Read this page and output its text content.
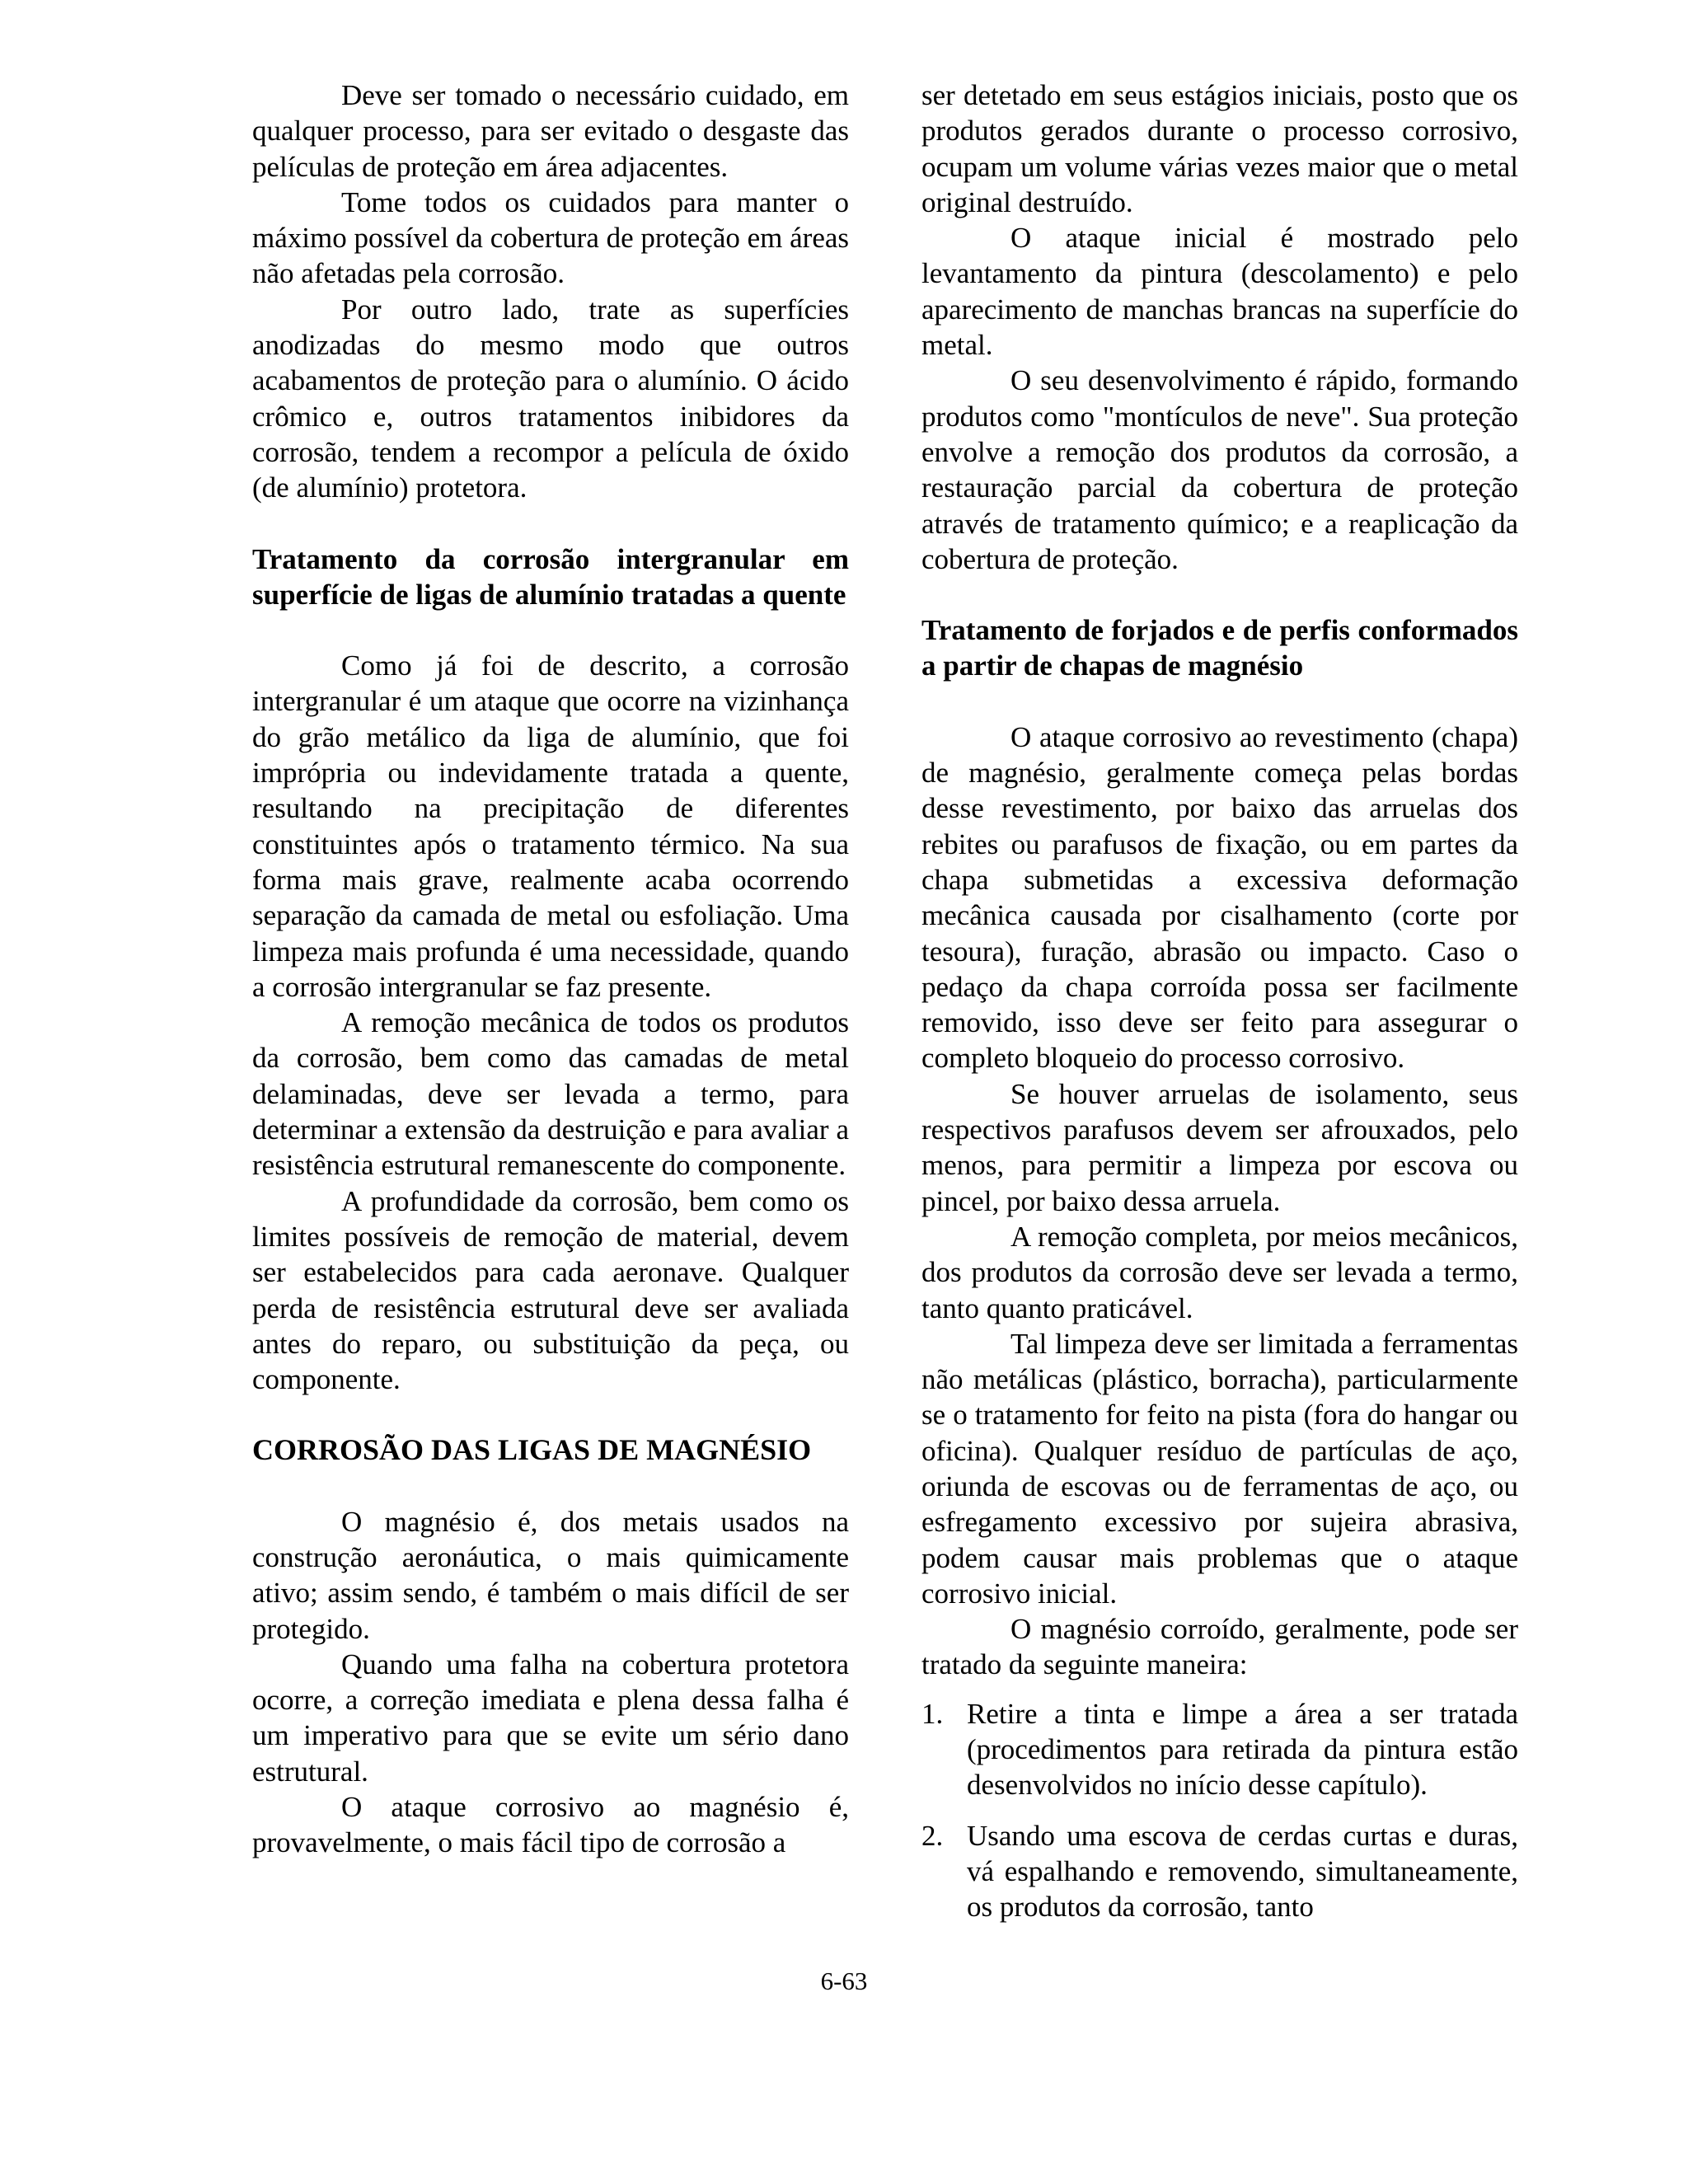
Deve ser tomado o necessário cuidado, em qualquer processo, para ser evitado o desgaste das películas de proteção em área adjacentes.

Tome todos os cuidados para manter o máximo possível da cobertura de proteção em áreas não afetadas pela corrosão.

Por outro lado, trate as superfícies anodizadas do mesmo modo que outros acabamentos de proteção para o alumínio. O ácido crômico e, outros tratamentos inibidores da corrosão, tendem a recompor a película de óxido (de alumínio) protetora.

Tratamento da corrosão intergranular em superfície de ligas de alumínio tratadas a quente

Como já foi de descrito, a corrosão intergranular é um ataque que ocorre na vizinhança do grão metálico da liga de alumínio, que foi imprópria ou indevidamente tratada a quente, resultando na precipitação de diferentes constituintes após o tratamento térmico. Na sua forma mais grave, realmente acaba ocorrendo separação da camada de metal ou esfoliação. Uma limpeza mais profunda é uma necessidade, quando a corrosão intergranular se faz presente.

A remoção mecânica de todos os produtos da corrosão, bem como das camadas de metal delaminadas, deve ser levada a termo, para determinar a extensão da destruição e para avaliar a resistência estrutural remanescente do componente.

A profundidade da corrosão, bem como os limites possíveis de remoção de material, devem ser estabelecidos para cada aeronave. Qualquer perda de resistência estrutural deve ser avaliada antes do reparo, ou substituição da peça, ou componente.

CORROSÃO DAS LIGAS DE MAGNÉSIO

O magnésio é, dos metais usados na construção aeronáutica, o mais quimicamente ativo; assim sendo, é também o mais difícil de ser protegido.

Quando uma falha na cobertura protetora ocorre, a correção imediata e plena dessa falha é um imperativo para que se evite um sério dano estrutural.

O ataque corrosivo ao magnésio é, provavelmente, o mais fácil tipo de corrosão a

ser detetado em seus estágios iniciais, posto que os produtos gerados durante o processo corrosivo, ocupam um volume várias vezes maior que o metal original destruído.

O ataque inicial é mostrado pelo levantamento da pintura (descolamento) e pelo aparecimento de manchas brancas na superfície do metal.

O seu desenvolvimento é rápido, formando produtos como "montículos de neve". Sua proteção envolve a remoção dos produtos da corrosão, a restauração parcial da cobertura de proteção através de tratamento químico; e a reaplicação da cobertura de proteção.

Tratamento de forjados e de perfis conformados a partir de chapas de magnésio

O ataque corrosivo ao revestimento (chapa) de magnésio, geralmente começa pelas bordas desse revestimento, por baixo das arruelas dos rebites ou parafusos de fixação, ou em partes da chapa submetidas a excessiva deformação mecânica causada por cisalhamento (corte por tesoura), furação, abrasão ou impacto. Caso o pedaço da chapa corroída possa ser facilmente removido, isso deve ser feito para assegurar o completo bloqueio do processo corrosivo.

Se houver arruelas de isolamento, seus respectivos parafusos devem ser afrouxados, pelo menos, para permitir a limpeza por escova ou pincel, por baixo dessa arruela.

A remoção completa, por meios mecânicos, dos produtos da corrosão deve ser levada a termo, tanto quanto praticável.

Tal limpeza deve ser limitada a ferramentas não metálicas (plástico, borracha), particularmente se o tratamento for feito na pista (fora do hangar ou oficina). Qualquer resíduo de partículas de aço, oriunda de escovas ou de ferramentas de aço, ou esfregamento excessivo por sujeira abrasiva, podem causar mais problemas que o ataque corrosivo inicial.

O magnésio corroído, geralmente, pode ser tratado da seguinte maneira:

1. Retire a tinta e limpe a área a ser tratada (procedimentos para retirada da pintura estão desenvolvidos no início desse capítulo).
2. Usando uma escova de cerdas curtas e duras, vá espalhando e removendo, simultaneamente, os produtos da corrosão, tanto
6-63
